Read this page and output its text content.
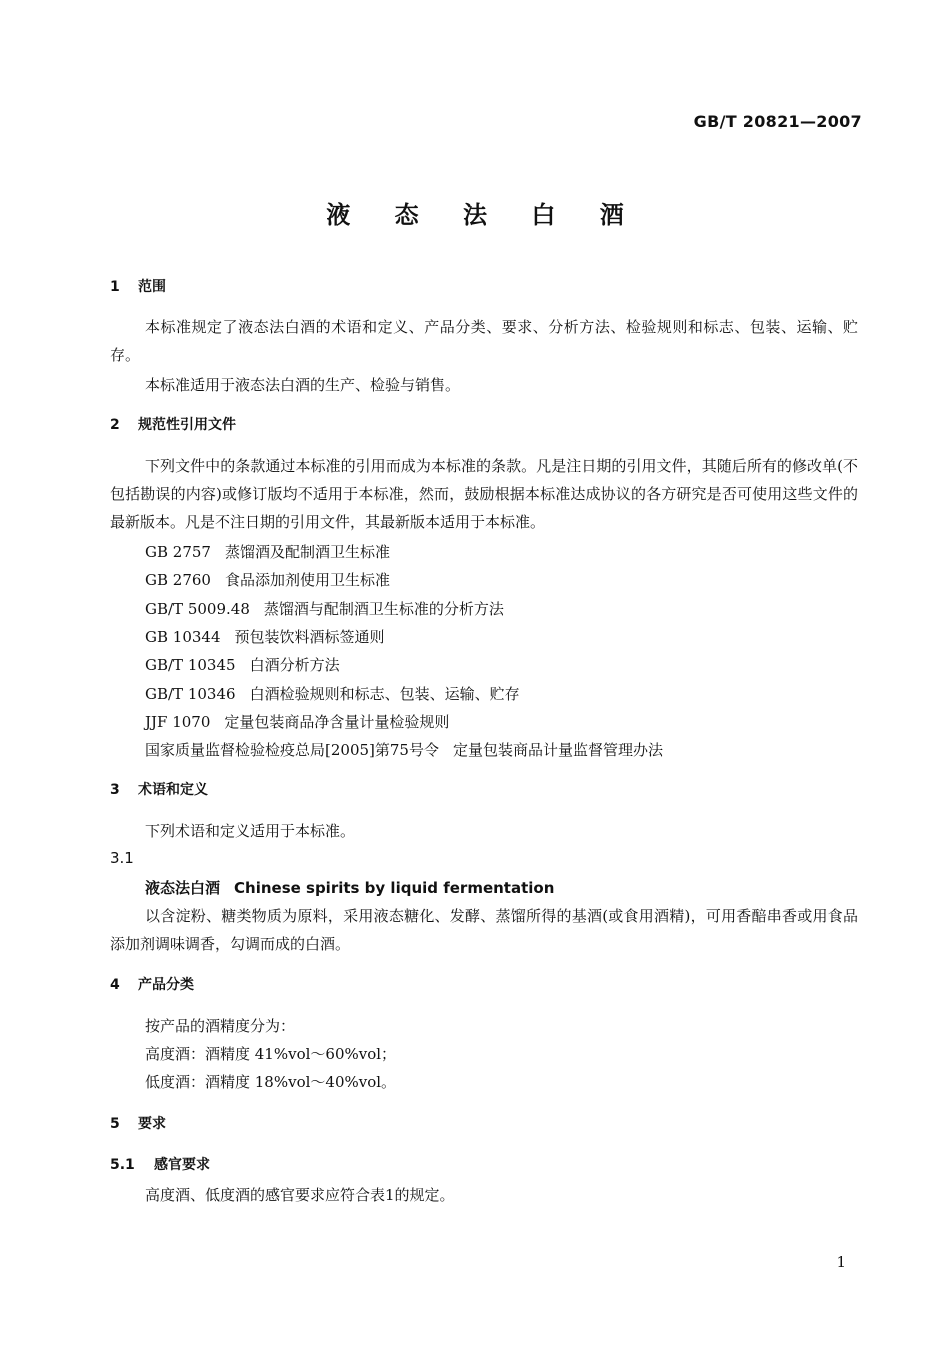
GB/T 20821—2007
液 态 法 白 酒
1 范围
本标准规定了液态法白酒的术语和定义、产品分类、要求、分析方法、检验规则和标志、包装、运输、贮存。
本标准适用于液态法白酒的生产、检验与销售。
2 规范性引用文件
下列文件中的条款通过本标准的引用而成为本标准的条款。凡是注日期的引用文件，其随后所有的修改单(不包括勘误的内容)或修订版均不适用于本标准，然而，鼓励根据本标准达成协议的各方研究是否可使用这些文件的最新版本。凡是不注日期的引用文件，其最新版本适用于本标准。
GB 2757 蒸馏酒及配制酒卫生标准
GB 2760 食品添加剂使用卫生标准
GB/T 5009.48 蒸馏酒与配制酒卫生标准的分析方法
GB 10344 预包装饮料酒标签通则
GB/T 10345 白酒分析方法
GB/T 10346 白酒检验规则和标志、包装、运输、贮存
JJF 1070 定量包装商品净含量计量检验规则
国家质量监督检验检疫总局[2005]第75号令 定量包装商品计量监督管理办法
3 术语和定义
下列术语和定义适用于本标准。
3.1
液态法白酒 Chinese spirits by liquid fermentation
以含淀粉、糖类物质为原料，采用液态糖化、发酵、蒸馏所得的基酒(或食用酒精)，可用香醅串香或用食品添加剂调味调香，勾调而成的白酒。
4 产品分类
按产品的酒精度分为：
高度酒：酒精度 41%vol～60%vol；
低度酒：酒精度 18%vol～40%vol。
5 要求
5.1 感官要求
高度酒、低度酒的感官要求应符合表1的规定。
1
